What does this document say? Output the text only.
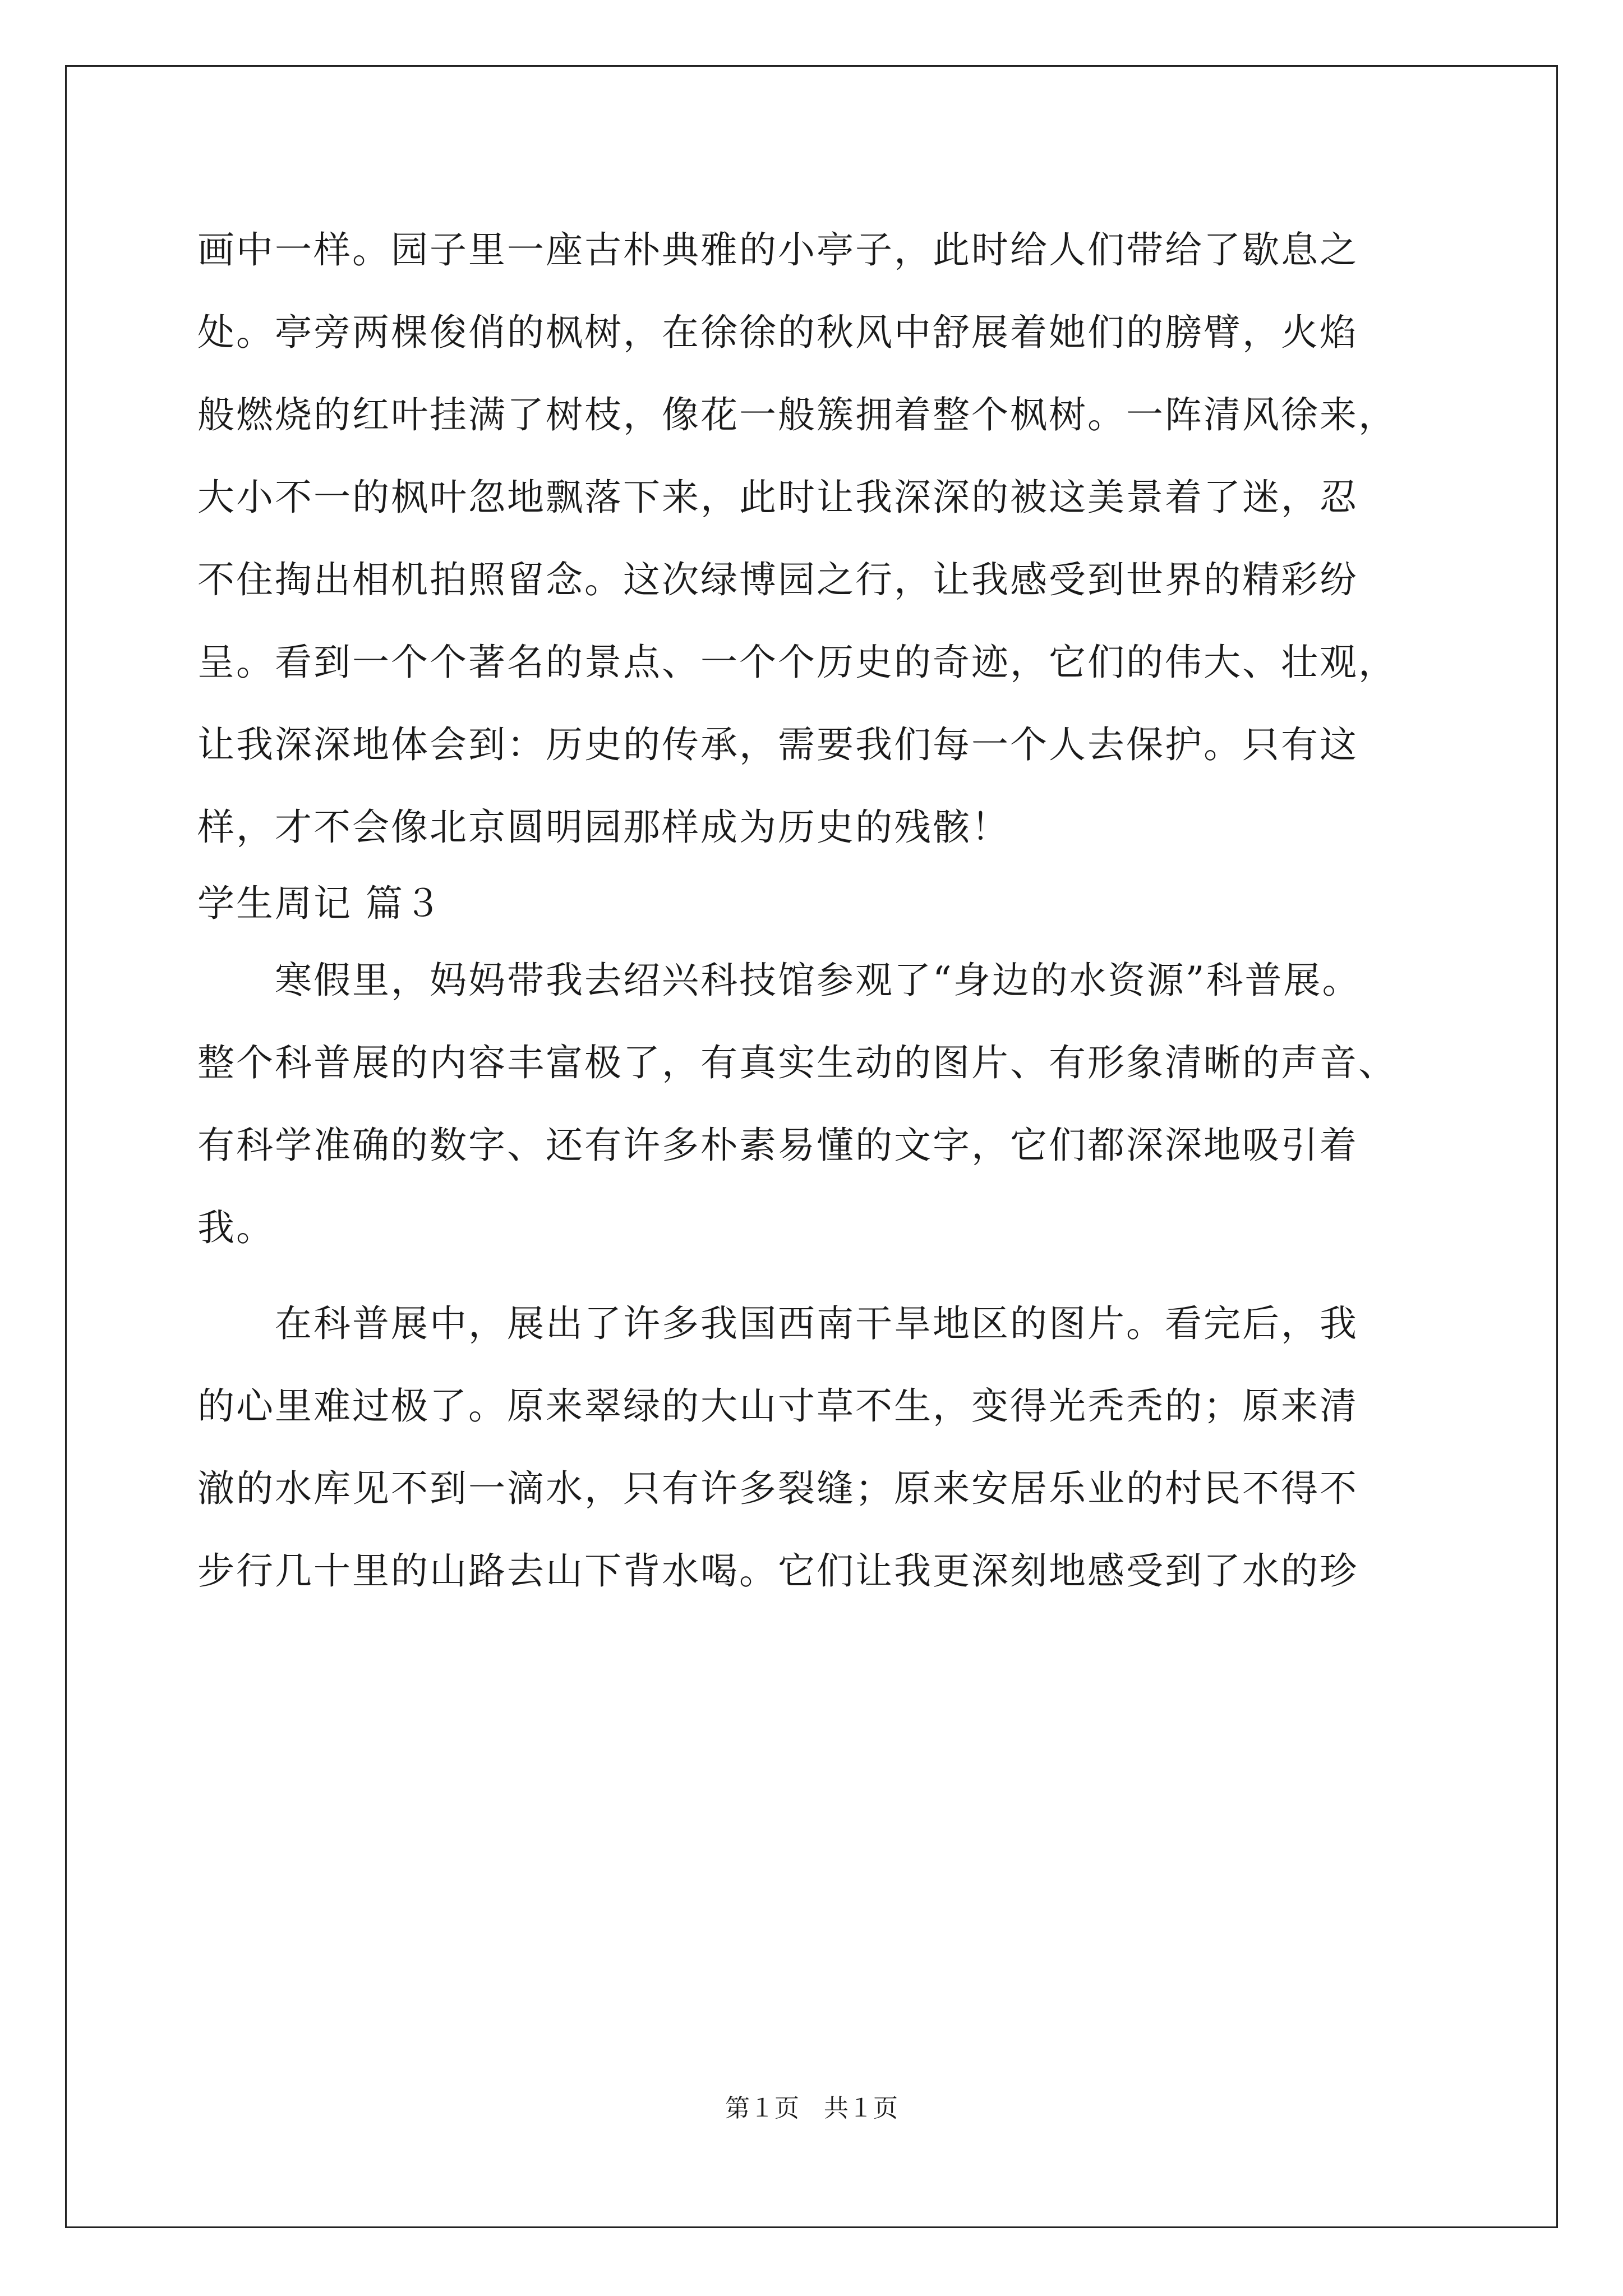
画中一样。园子里一座古朴典雅的小亭子，此时给人们带给了歇息之
处。亭旁两棵俊俏的枫树，在徐徐的秋风中舒展着她们的膀臂，火焰
般燃烧的红叶挂满了树枝，像花一般簇拥着整个枫树。一阵清风徐来，
大小不一的枫叶忽地飘落下来，此时让我深深的被这美景着了迷，忍
不住掏出相机拍照留念。这次绿博园之行，让我感受到世界的精彩纷
呈。看到一个个著名的景点、一个个历史的奇迹，它们的伟大、壮观，
让我深深地体会到：历史的传承，需要我们每一个人去保护。只有这
样，才不会像北京圆明园那样成为历史的残骸！
学生周记 篇３
　　寒假里，妈妈带我去绍兴科技馆参观了“身边的水资源”科普展。
整个科普展的内容丰富极了，有真实生动的图片、有形象清晰的声音、
有科学准确的数字、还有许多朴素易懂的文字，它们都深深地吸引着
我。
　　在科普展中，展出了许多我国西南干旱地区的图片。看完后，我
的心里难过极了。原来翠绿的大山寸草不生，变得光秃秃的；原来清
澈的水库见不到一滴水，只有许多裂缝；原来安居乐业的村民不得不
步行几十里的山路去山下背水喝。它们让我更深刻地感受到了水的珍
第１页　共１页
